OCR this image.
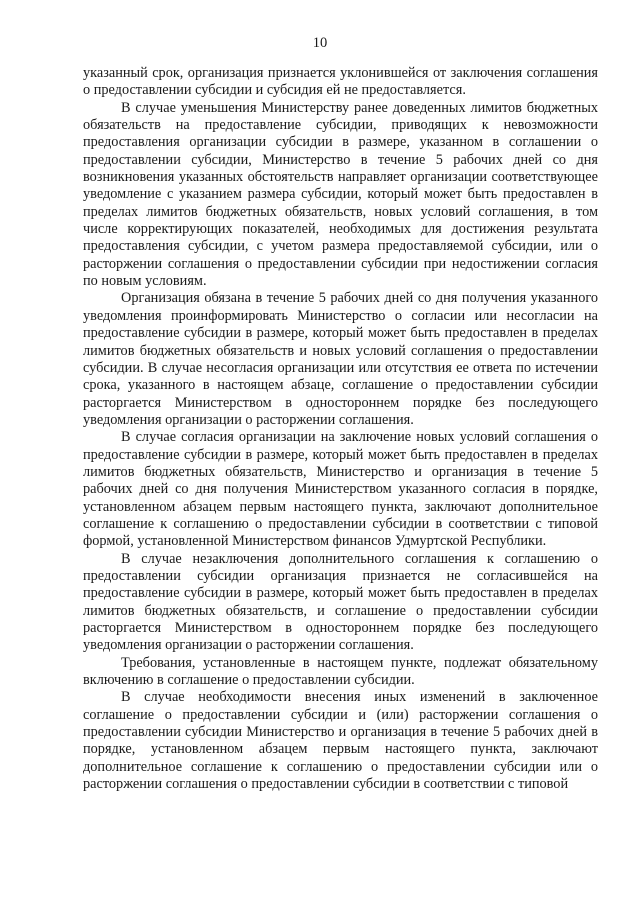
10

указанный срок, организация признается уклонившейся от заключения соглашения о предоставлении субсидии и субсидия ей не предоставляется.

В случае уменьшения Министерству ранее доведенных лимитов бюджетных обязательств на предоставление субсидии, приводящих к невозможности предоставления организации субсидии в размере, указанном в соглашении о предоставлении субсидии, Министерство в течение 5 рабочих дней со дня возникновения указанных обстоятельств направляет организации соответствующее уведомление с указанием размера субсидии, который может быть предоставлен в пределах лимитов бюджетных обязательств, новых условий соглашения, в том числе корректирующих показателей, необходимых для достижения результата предоставления субсидии, с учетом размера предоставляемой субсидии, или о расторжении соглашения о предоставлении субсидии при недостижении согласия по новым условиям.

Организация обязана в течение 5 рабочих дней со дня получения указанного уведомления проинформировать Министерство о согласии или несогласии на предоставление субсидии в размере, который может быть предоставлен в пределах лимитов бюджетных обязательств и новых условий соглашения о предоставлении субсидии. В случае несогласия организации или отсутствия ее ответа по истечении срока, указанного в настоящем абзаце, соглашение о предоставлении субсидии расторгается Министерством в одностороннем порядке без последующего уведомления организации о расторжении соглашения.

В случае согласия организации на заключение новых условий соглашения о предоставление субсидии в размере, который может быть предоставлен в пределах лимитов бюджетных обязательств, Министерство и организация в течение 5 рабочих дней со дня получения Министерством указанного согласия в порядке, установленном абзацем первым настоящего пункта, заключают дополнительное соглашение к соглашению о предоставлении субсидии в соответствии с типовой формой, установленной Министерством финансов Удмуртской Республики.

В случае незаключения дополнительного соглашения к соглашению о предоставлении субсидии организация признается не согласившейся на предоставление субсидии в размере, который может быть предоставлен в пределах лимитов бюджетных обязательств, и соглашение о предоставлении субсидии расторгается Министерством в одностороннем порядке без последующего уведомления организации о расторжении соглашения.

Требования, установленные в настоящем пункте, подлежат обязательному включению в соглашение о предоставлении субсидии.

В случае необходимости внесения иных изменений в заключенное соглашение о предоставлении субсидии и (или) расторжении соглашения о предоставлении субсидии Министерство и организация в течение 5 рабочих дней в порядке, установленном абзацем первым настоящего пункта, заключают дополнительное соглашение к соглашению о предоставлении субсидии или о расторжении соглашения о предоставлении субсидии в соответствии с типовой
